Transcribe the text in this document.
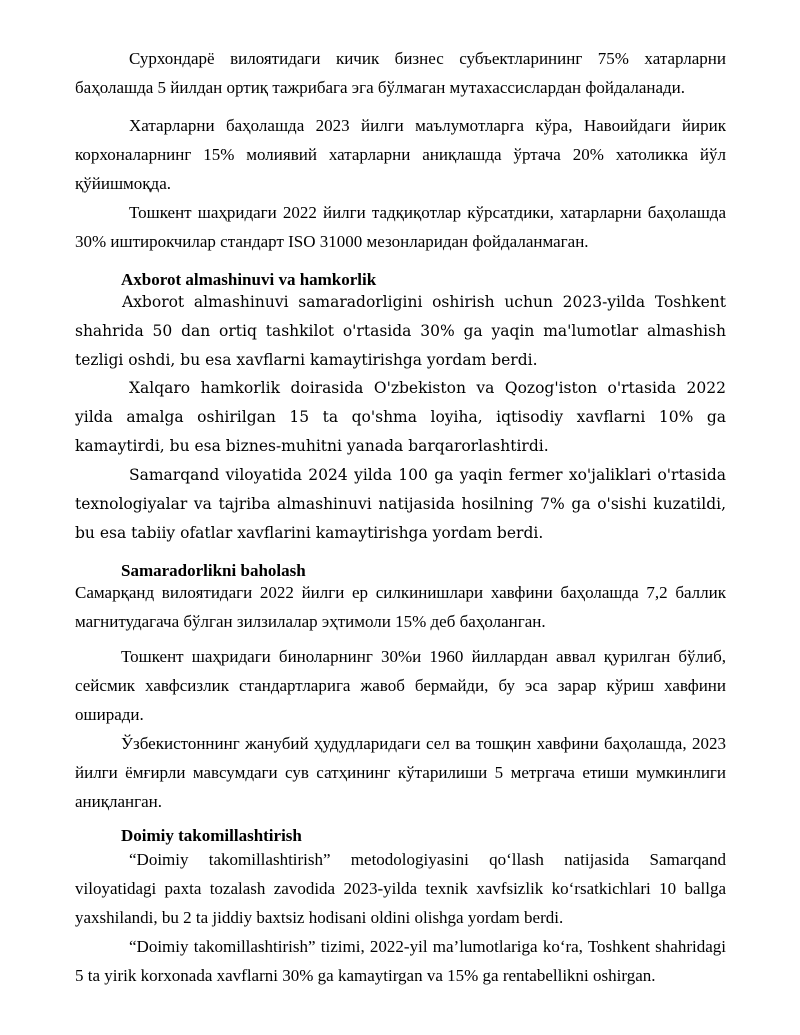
Сурхондарё вилоятидаги кичик бизнес субъектларининг 75% хатарларни баҳолашда 5 йилдан ортиқ тажрибага эга бўлмаган мутахассислардан фойдаланади.

Хатарларни баҳолашда 2023 йилги маълумотларга кўра, Навоийдаги йирик корхоналарнинг 15% молиявий хатарларни аниқлашда ўртача 20% хатоликка йўл қўйишмоқда.

Тошкент шаҳридаги 2022 йилги тадқиқотлар кўрсатдики, хатарларни баҳолашда 30% иштирокчилар стандарт ISO 31000 мезонларидан фойдаланмаган.

Axborot almashinuvi va hamkorlik

Axborot almashinuvi samaradorligini oshirish uchun 2023-yilda Toshkent shahrida 50 dan ortiq tashkilot o'rtasida 30% ga yaqin ma'lumotlar almashish tezligi oshdi, bu esa xavflarni kamaytirishga yordam berdi.

Xalqaro hamkorlik doirasida O'zbekiston va Qozog'iston o'rtasida 2022 yilda amalga oshirilgan 15 ta qo'shma loyiha, iqtisodiy xavflarni 10% ga kamaytirdi, bu esa biznes-muhitni yanada barqarorlashtirdi.

Samarqand viloyatida 2024 yilda 100 ga yaqin fermer xo'jaliklari o'rtasida texnologiyalar va tajriba almashinuvi natijasida hosilning 7% ga o'sishi kuzatildi, bu esa tabiiy ofatlar xavflarini kamaytirishga yordam berdi.

Samaradorlikni baholash

Самарқанд вилоятидаги 2022 йилги ер силкинишлари хавфини баҳолашда 7,2 баллик магнитудагача бўлган зилзилалар эҳтимоли 15% деб баҳоланган.

Тошкент шаҳридаги биноларнинг 30%и 1960 йиллардан аввал қурилган бўлиб, сейсмик хавфсизлик стандартларига жавоб бермайди, бу эса зарар кўриш хавфини оширади.

Ўзбекистоннинг жанубий ҳудудларидаги сел ва тошқин хавфини баҳолашда, 2023 йилги ёмғирли мавсумдаги сув сатҳининг кўтарилиши 5 метргача етиши мумкинлиги аниқланган.

Doimiy takomillashtirish

“Doimiy takomillashtirish” metodologiyasini qo‘llash natijasida Samarqand viloyatidagi paxta tozalash zavodida 2023-yilda texnik xavfsizlik ko‘rsatkichlari 10 ballga yaxshilandi, bu 2 ta jiddiy baxtsiz hodisani oldini olishga yordam berdi.

“Doimiy takomillashtirish” tizimi, 2022-yil ma’lumotlariga ko‘ra, Toshkent shahridagi 5 ta yirik korxonada xavflarni 30% ga kamaytirgan va 15% ga rentabellikni oshirgan.
